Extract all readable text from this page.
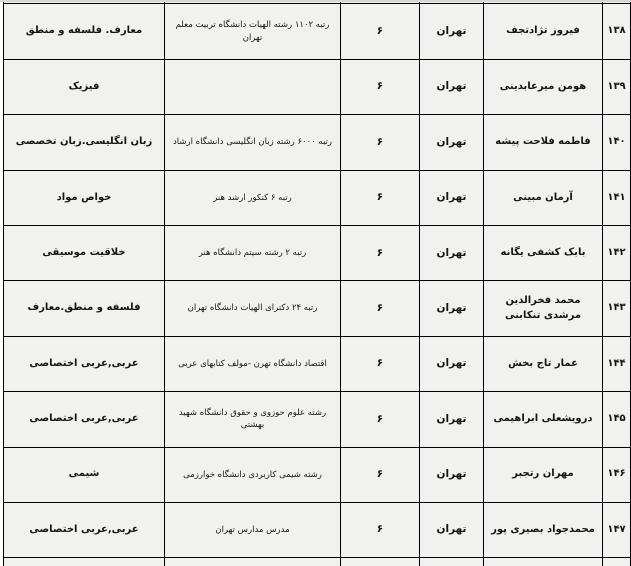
معارف. فلسفه و منطق	رتبه ۱۱۰۲ رشته الهیات دانشگاه تربیت معلم تهران	۶	تهران	فیروز تژادتجف	۱۳۸
فیزیک		۶	تهران	هومن میرعابدینی	۱۳۹
زبان انگلیسی.زبان تخصصی	رتبه ۶۰۰۰ رشته زبان انگلیسی دانشگاه ارشاد	۶	تهران	فاطمه فلاحت پیشه	۱۴۰
خواص مواد	رتبه ۶ کنکور ارشد هنر	۶	تهران	آرمان مبینی	۱۴۱
خلاقیت موسیقی	رتبه ۲ رشته سیتم دانشگاه هنر	۶	تهران	بابک کشفی یگانه	۱۴۲
فلسفه و منطق.معارف	رتبه ۲۴ دکترای الهیات دانشگاه تهران	۶	تهران	محمد فخرالدین مرشدی تنکابنی	۱۴۳
عربی,عربی اختصاصی	اقتصاد دانشگاه تهرن -مولف کتابهای عربی	۶	تهران	عمار تاج بخش	۱۴۴
عربی,عربی اختصاصی	رشته علوم حوزوی و حقوق دانشگاه شهید بهشتی	۶	تهران	درویشعلی ابراهیمی	۱۴۵
شیمی	رشته شیمی کاربردی دانشگاه خوارزمی	۶	تهران	مهران رتجبر	۱۴۶
عربی,عربی اختصاصی	مدرس مدارس تهران	۶	تهران	محمدجواد بصیری پور	۱۴۷
